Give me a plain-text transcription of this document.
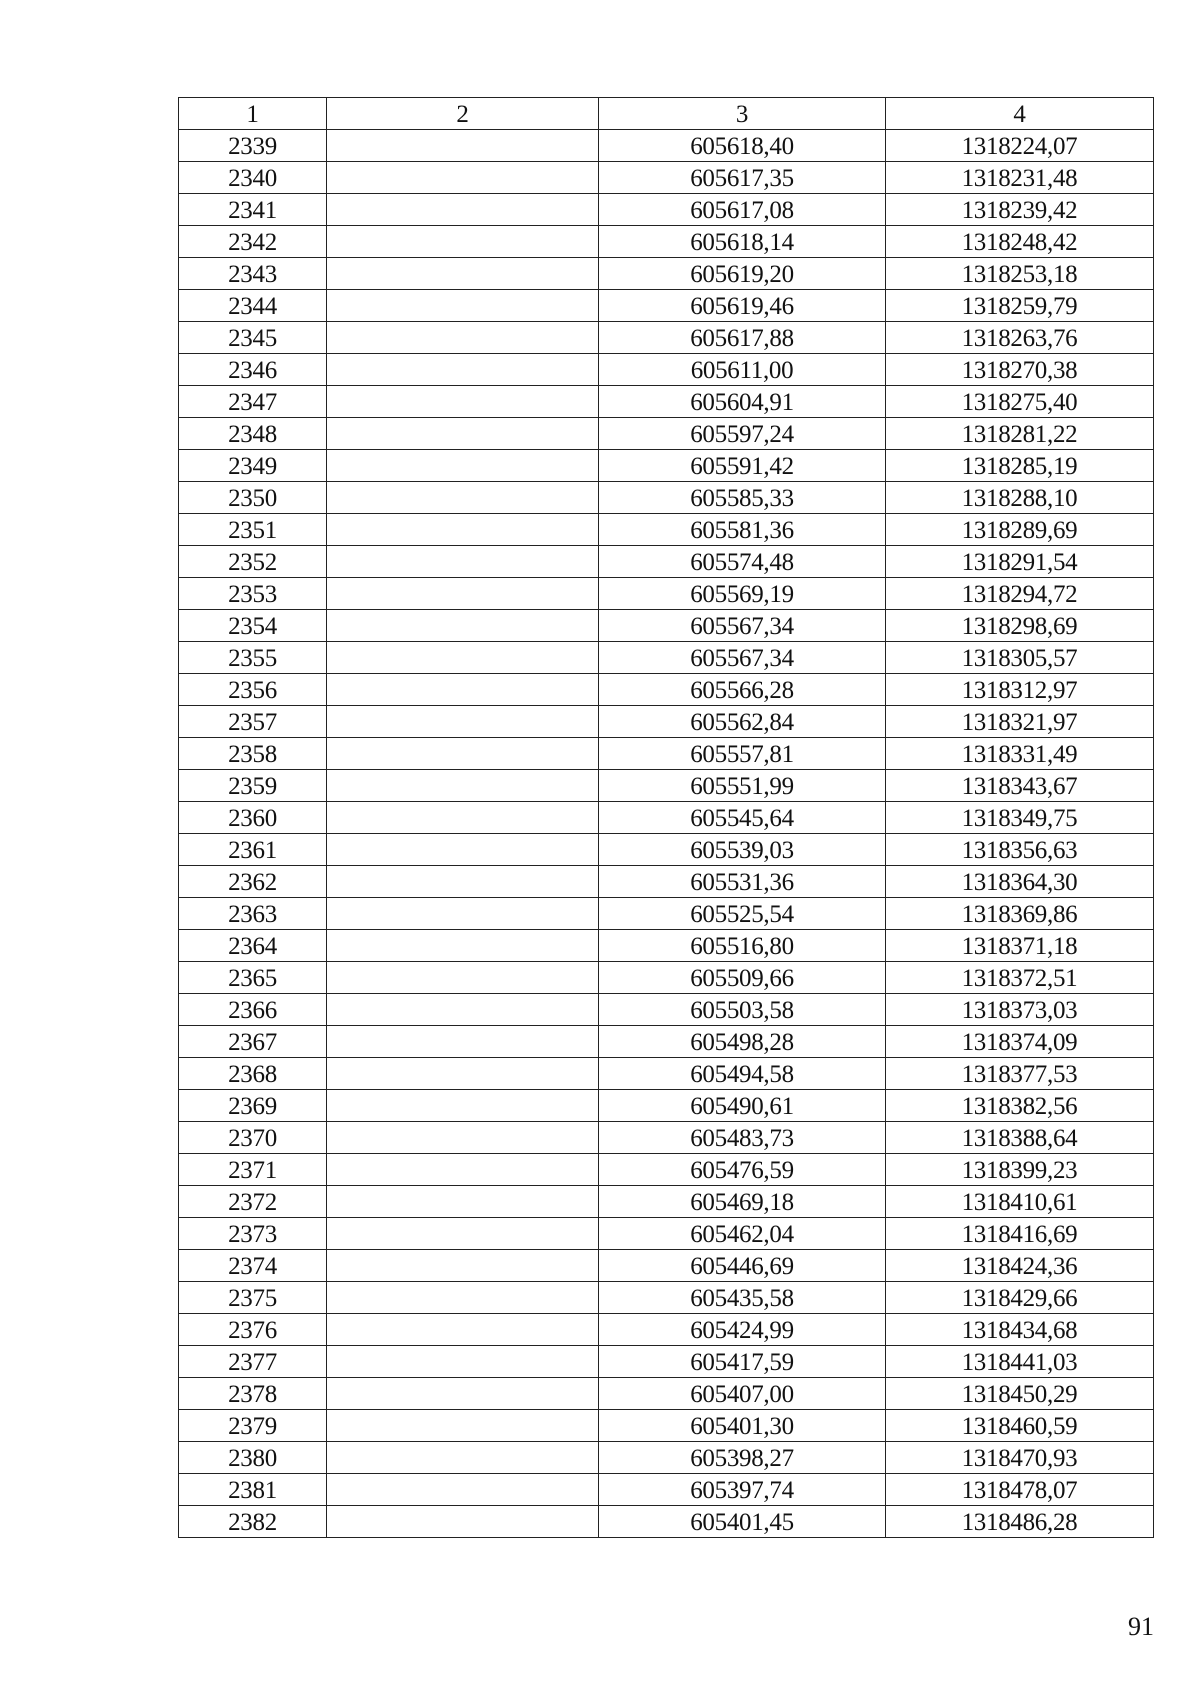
1	2	3	4
2339		605618,40	1318224,07
2340		605617,35	1318231,48
2341		605617,08	1318239,42
2342		605618,14	1318248,42
2343		605619,20	1318253,18
2344		605619,46	1318259,79
2345		605617,88	1318263,76
2346		605611,00	1318270,38
2347		605604,91	1318275,40
2348		605597,24	1318281,22
2349		605591,42	1318285,19
2350		605585,33	1318288,10
2351		605581,36	1318289,69
2352		605574,48	1318291,54
2353		605569,19	1318294,72
2354		605567,34	1318298,69
2355		605567,34	1318305,57
2356		605566,28	1318312,97
2357		605562,84	1318321,97
2358		605557,81	1318331,49
2359		605551,99	1318343,67
2360		605545,64	1318349,75
2361		605539,03	1318356,63
2362		605531,36	1318364,30
2363		605525,54	1318369,86
2364		605516,80	1318371,18
2365		605509,66	1318372,51
2366		605503,58	1318373,03
2367		605498,28	1318374,09
2368		605494,58	1318377,53
2369		605490,61	1318382,56
2370		605483,73	1318388,64
2371		605476,59	1318399,23
2372		605469,18	1318410,61
2373		605462,04	1318416,69
2374		605446,69	1318424,36
2375		605435,58	1318429,66
2376		605424,99	1318434,68
2377		605417,59	1318441,03
2378		605407,00	1318450,29
2379		605401,30	1318460,59
2380		605398,27	1318470,93
2381		605397,74	1318478,07
2382		605401,45	1318486,28
91
